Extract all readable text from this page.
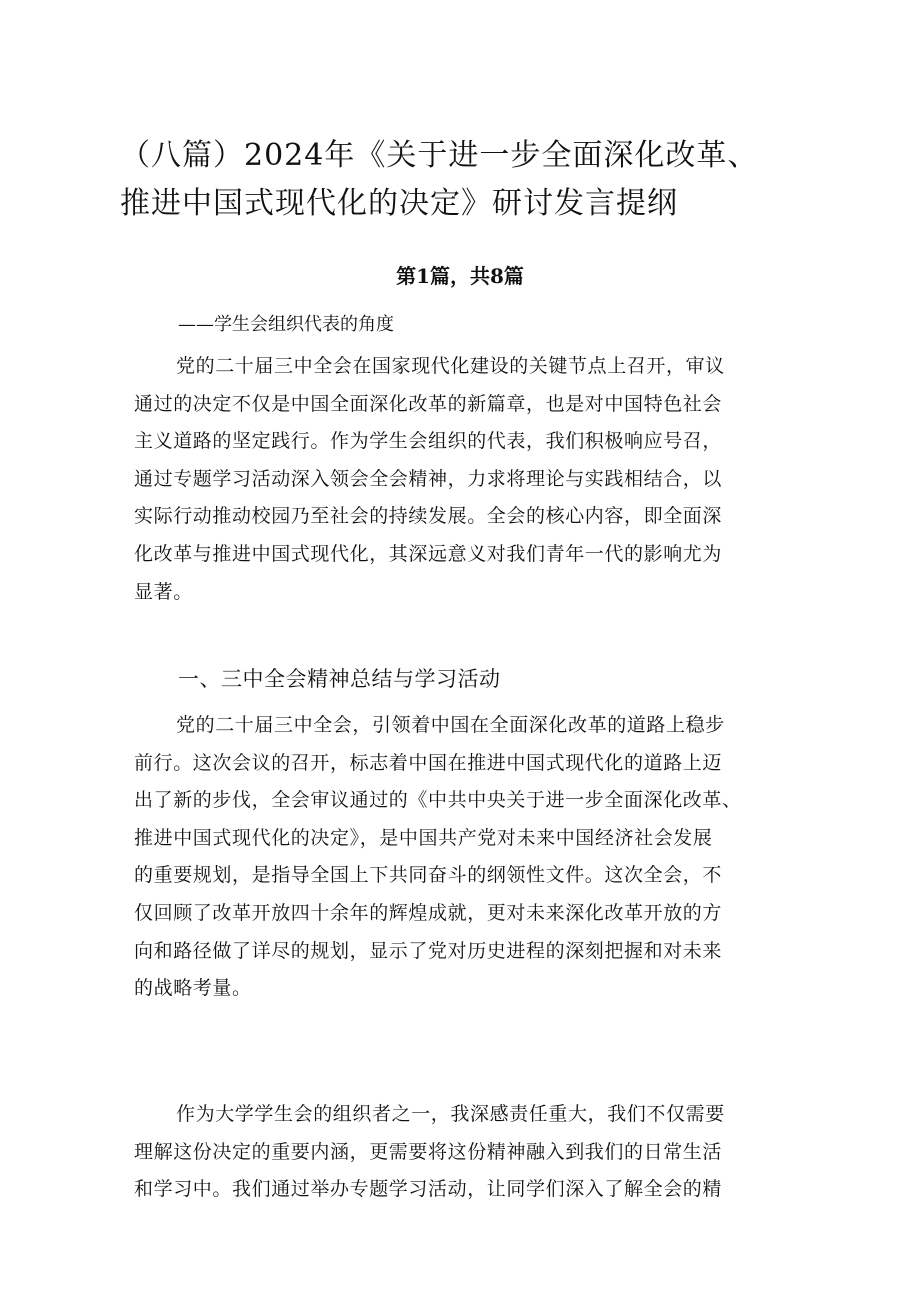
（八篇）2024年《关于进一步全面深化改革、
推进中国式现代化的决定》研讨发言提纲
第1篇，共8篇
——学生会组织代表的角度
党的二十届三中全会在国家现代化建设的关键节点上召开，审议
通过的决定不仅是中国全面深化改革的新篇章，也是对中国特色社会
主义道路的坚定践行。作为学生会组织的代表，我们积极响应号召，
通过专题学习活动深入领会全会精神，力求将理论与实践相结合，以
实际行动推动校园乃至社会的持续发展。全会的核心内容，即全面深
化改革与推进中国式现代化，其深远意义对我们青年一代的影响尤为
显著。
一、三中全会精神总结与学习活动
党的二十届三中全会，引领着中国在全面深化改革的道路上稳步
前行。这次会议的召开，标志着中国在推进中国式现代化的道路上迈
出了新的步伐，全会审议通过的《中共中央关于进一步全面深化改革、
推进中国式现代化的决定》，是中国共产党对未来中国经济社会发展
的重要规划，是指导全国上下共同奋斗的纲领性文件。这次全会，不
仅回顾了改革开放四十余年的辉煌成就，更对未来深化改革开放的方
向和路径做了详尽的规划，显示了党对历史进程的深刻把握和对未来
的战略考量。
作为大学学生会的组织者之一，我深感责任重大，我们不仅需要
理解这份决定的重要内涵，更需要将这份精神融入到我们的日常生活
和学习中。我们通过举办专题学习活动，让同学们深入了解全会的精
